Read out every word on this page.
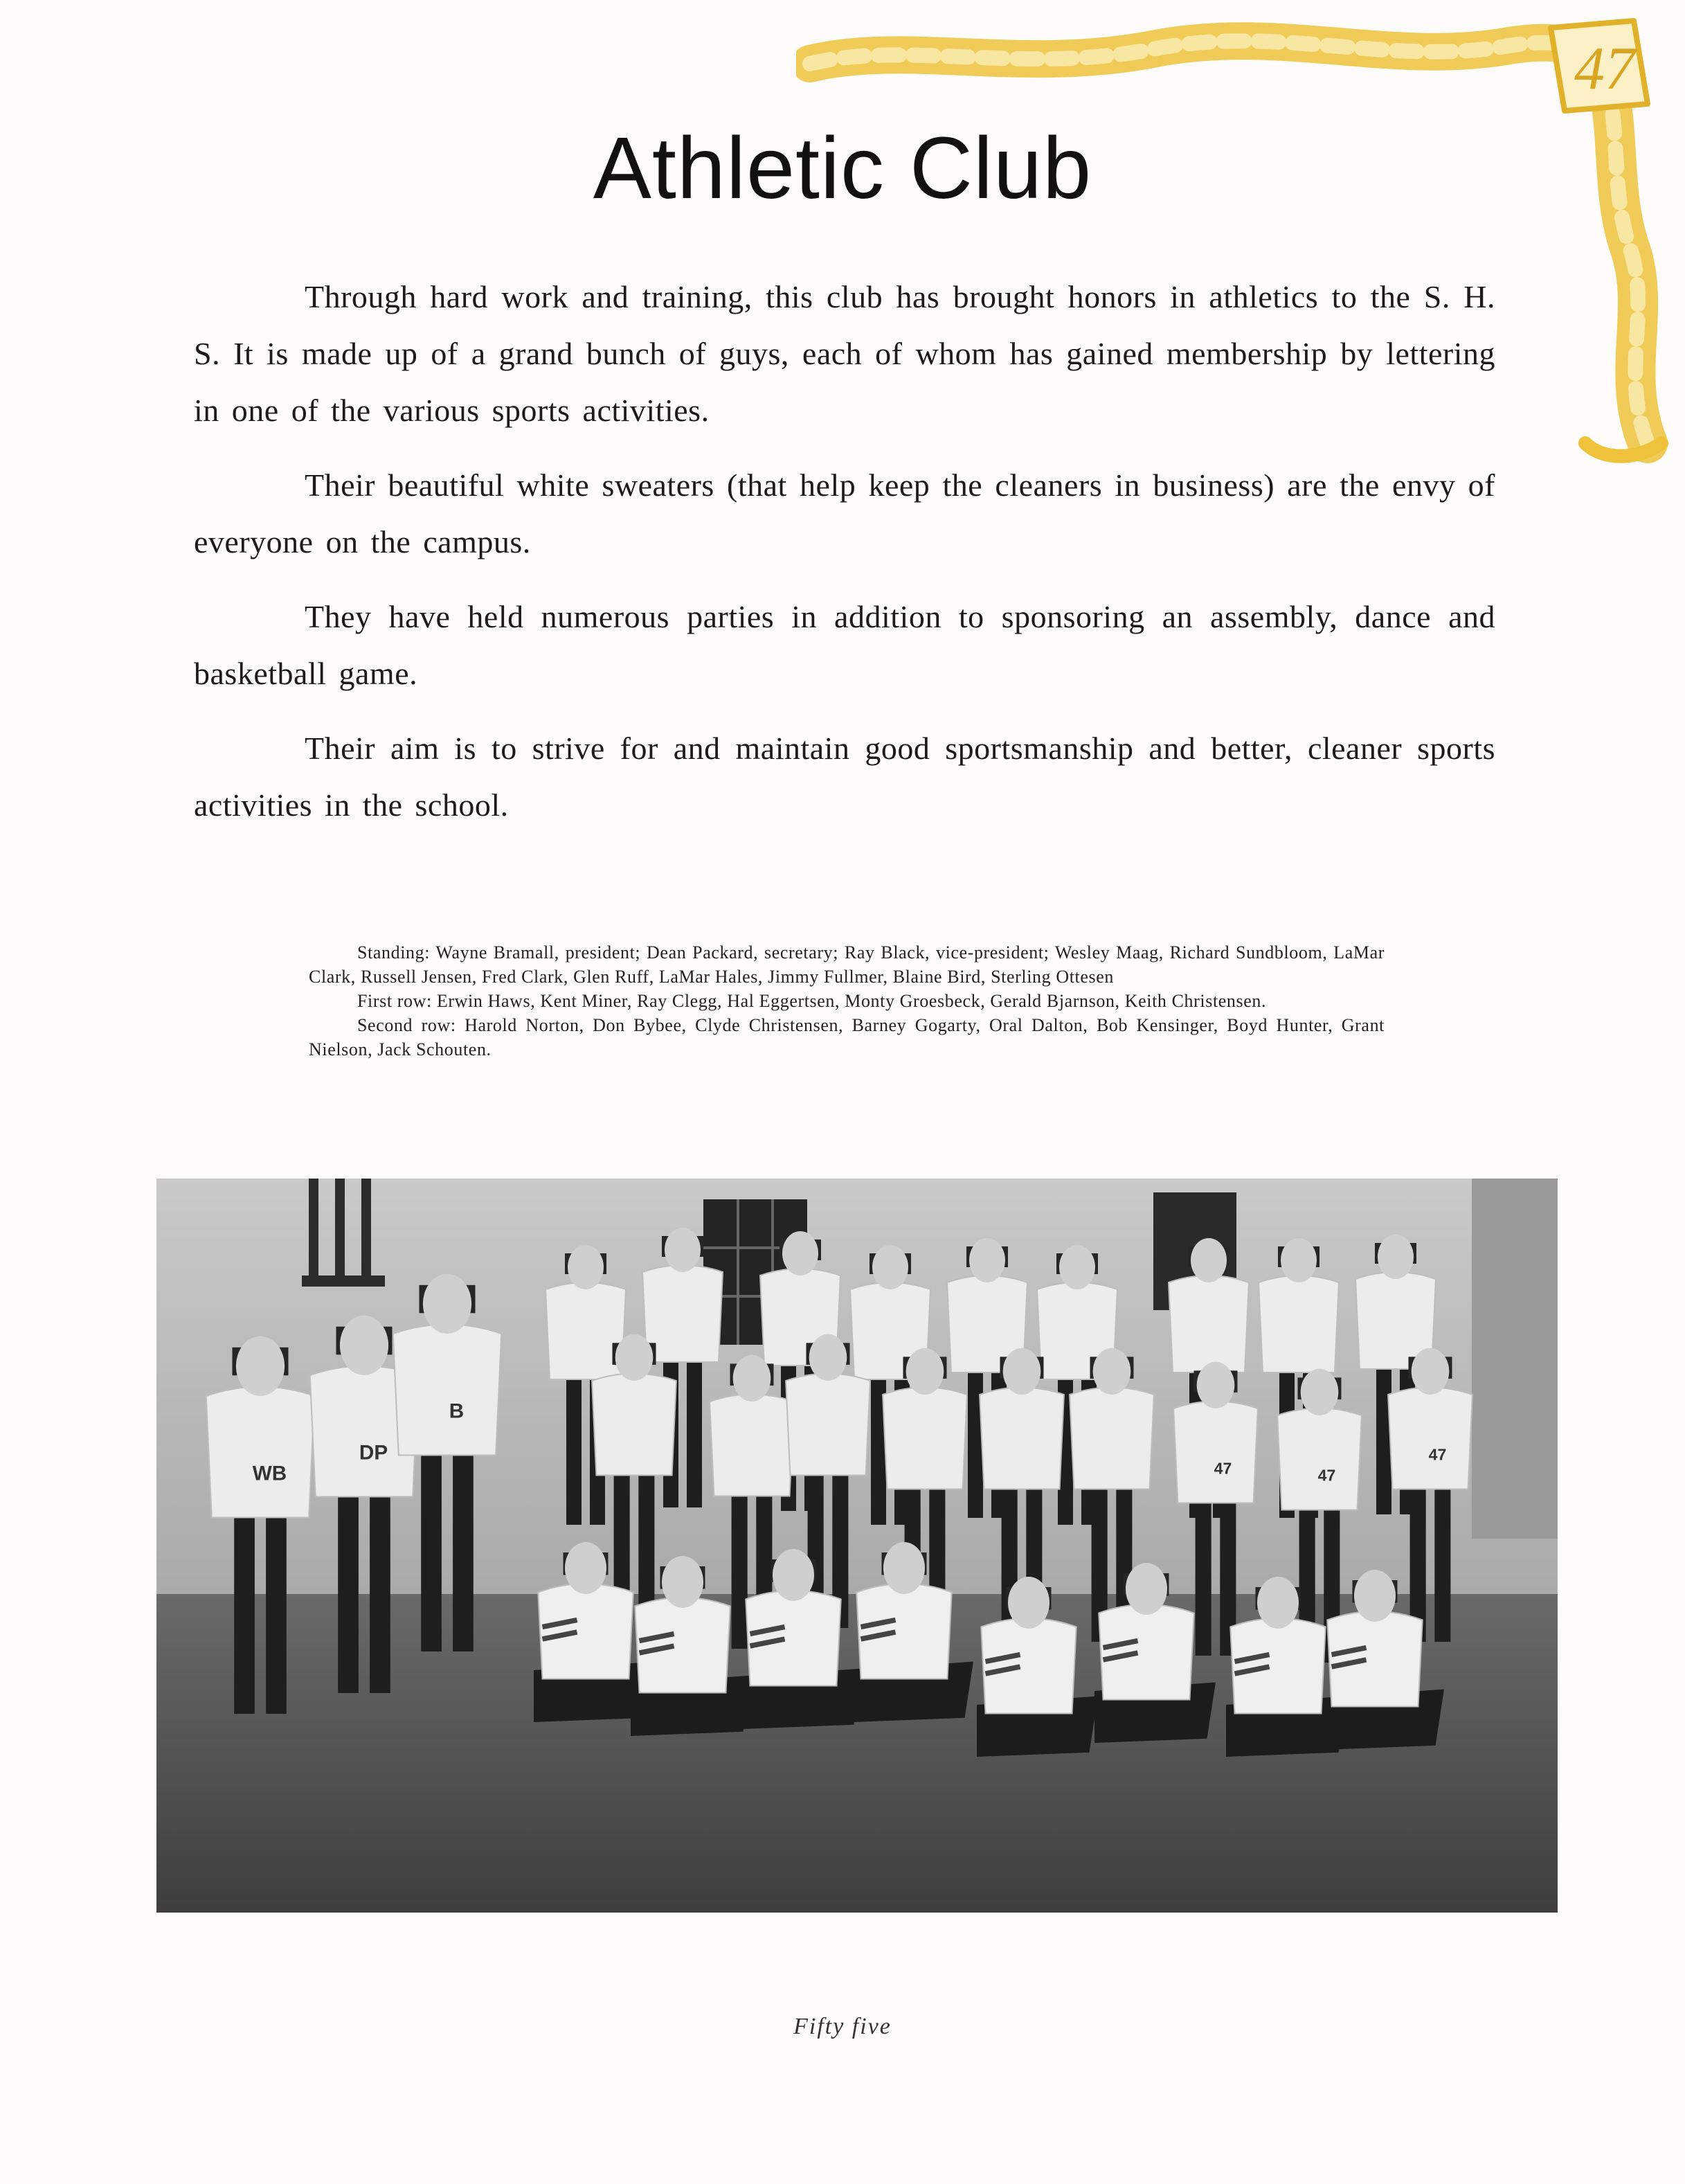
47
Athletic Club

Through hard work and training, this club has brought honors in athletics to the S. H. S. It is made up of a grand bunch of guys, each of whom has gained membership by lettering in one of the various sports activities.

Their beautiful white sweaters (that help keep the cleaners in business) are the envy of everyone on the campus.

They have held numerous parties in addition to sponsoring an assembly, dance and basketball game.

Their aim is to strive for and maintain good sportsmanship and better, cleaner sports activities in the school.

Standing: Wayne Bramall, president; Dean Packard, secretary; Ray Black, vice-president; Wesley Maag, Richard Sundbloom, LaMar Clark, Russell Jensen, Fred Clark, Glen Ruff, LaMar Hales, Jimmy Fullmer, Blaine Bird, Sterling Ottesen

First row: Erwin Haws, Kent Miner, Ray Clegg, Hal Eggertsen, Monty Groesbeck, Gerald Bjarnson, Keith Christensen.

Second row: Harold Norton, Don Bybee, Clyde Christensen, Barney Gogarty, Oral Dalton, Bob Kensinger, Boyd Hunter, Grant Nielson, Jack Schouten.

47	47
47
WB
DP
B
Fifty five
